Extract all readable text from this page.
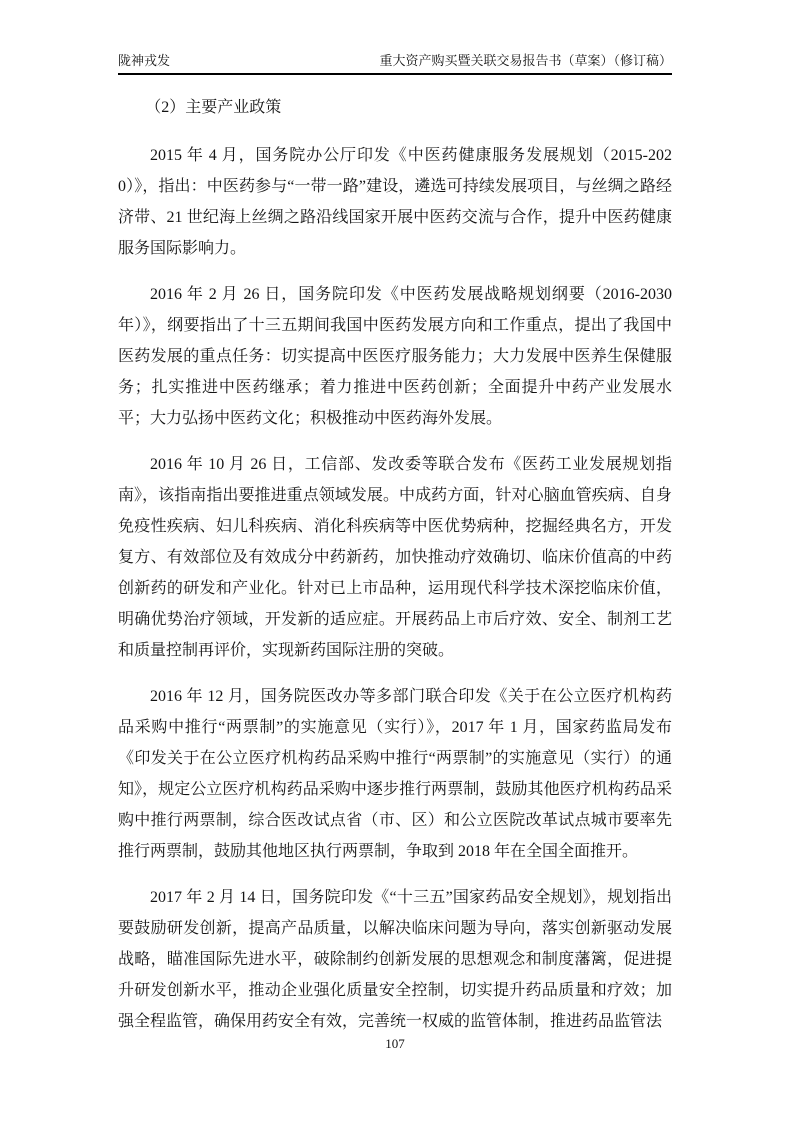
陇神戎发	重大资产购买暨关联交易报告书（草案）（修订稿）

（2）主要产业政策

2015 年 4 月，国务院办公厅印发《中医药健康服务发展规划（2015-2020）》，指出：中医药参与“一带一路”建设，遴选可持续发展项目，与丝绸之路经济带、21 世纪海上丝绸之路沿线国家开展中医药交流与合作，提升中医药健康服务国际影响力。

2016 年 2 月 26 日，国务院印发《中医药发展战略规划纲要（2016-2030 年）》，纲要指出了十三五期间我国中医药发展方向和工作重点，提出了我国中医药发展的重点任务：切实提高中医医疗服务能力；大力发展中医养生保健服务；扎实推进中医药继承；着力推进中医药创新；全面提升中药产业发展水平；大力弘扬中医药文化；积极推动中医药海外发展。

2016 年 10 月 26 日，工信部、发改委等联合发布《医药工业发展规划指南》，该指南指出要推进重点领域发展。中成药方面，针对心脑血管疾病、自身免疫性疾病、妇儿科疾病、消化科疾病等中医优势病种，挖掘经典名方，开发复方、有效部位及有效成分中药新药，加快推动疗效确切、临床价值高的中药创新药的研发和产业化。针对已上市品种，运用现代科学技术深挖临床价值，明确优势治疗领域，开发新的适应症。开展药品上市后疗效、安全、制剂工艺和质量控制再评价，实现新药国际注册的突破。

2016 年 12 月，国务院医改办等多部门联合印发《关于在公立医疗机构药品采购中推行“两票制”的实施意见（实行）》，2017 年 1 月，国家药监局发布《印发关于在公立医疗机构药品采购中推行“两票制”的实施意见（实行）的通知》，规定公立医疗机构药品采购中逐步推行两票制，鼓励其他医疗机构药品采购中推行两票制，综合医改试点省（市、区）和公立医院改革试点城市要率先推行两票制，鼓励其他地区执行两票制，争取到 2018 年在全国全面推开。

2017 年 2 月 14 日，国务院印发《“十三五”国家药品安全规划》，规划指出要鼓励研发创新，提高产品质量，以解决临床问题为导向，落实创新驱动发展战略，瞄准国际先进水平，破除制约创新发展的思想观念和制度藩篱，促进提升研发创新水平，推动企业强化质量安全控制，切实提升药品质量和疗效；加强全程监管，确保用药安全有效，完善统一权威的监管体制，推进药品监管法

107
